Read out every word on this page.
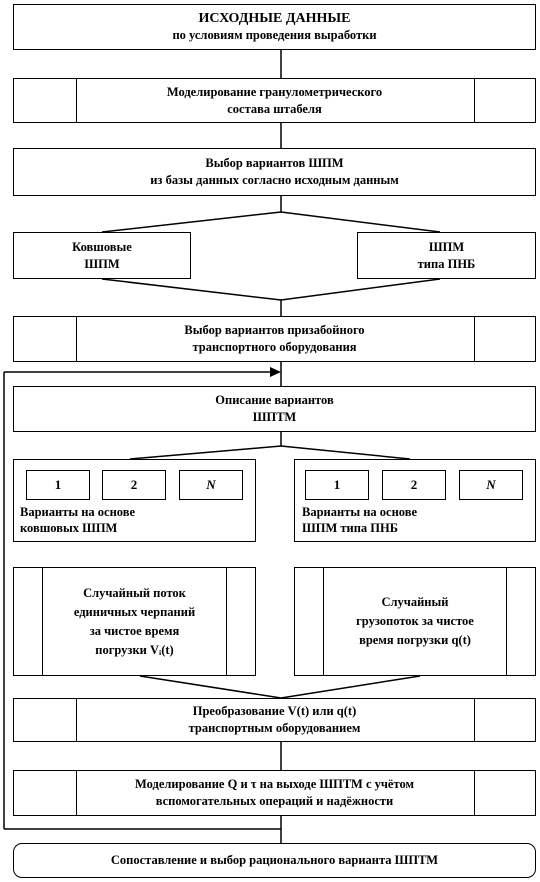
ИСХОДНЫЕ ДАННЫЕ
по условиям проведения выработки
Моделирование гранулометрического
состава штабеля
Выбор вариантов ШПМ
из базы данных согласно исходным данным
Ковшовые
ШПМ
ШПМ
типа ПНБ
Выбор вариантов призабойного
транспортного оборудования
Описание вариантов
ШПТМ
1	2	N
Варианты на основе
ковшовых ШПМ
1	2	N
Варианты на основе
ШПМ типа ПНБ
Случайный поток
единичных черпаний
за чистое время
погрузки Vᵢ(t)
Случайный
грузопоток за чистое
время погрузки q(t)
Преобразование V(t) или q(t)
транспортным оборудованием
Моделирование Q и τ на выходе ШПТМ с учётом
вспомогательных операций и надёжности
Сопоставление и выбор рационального варианта ШПТМ
